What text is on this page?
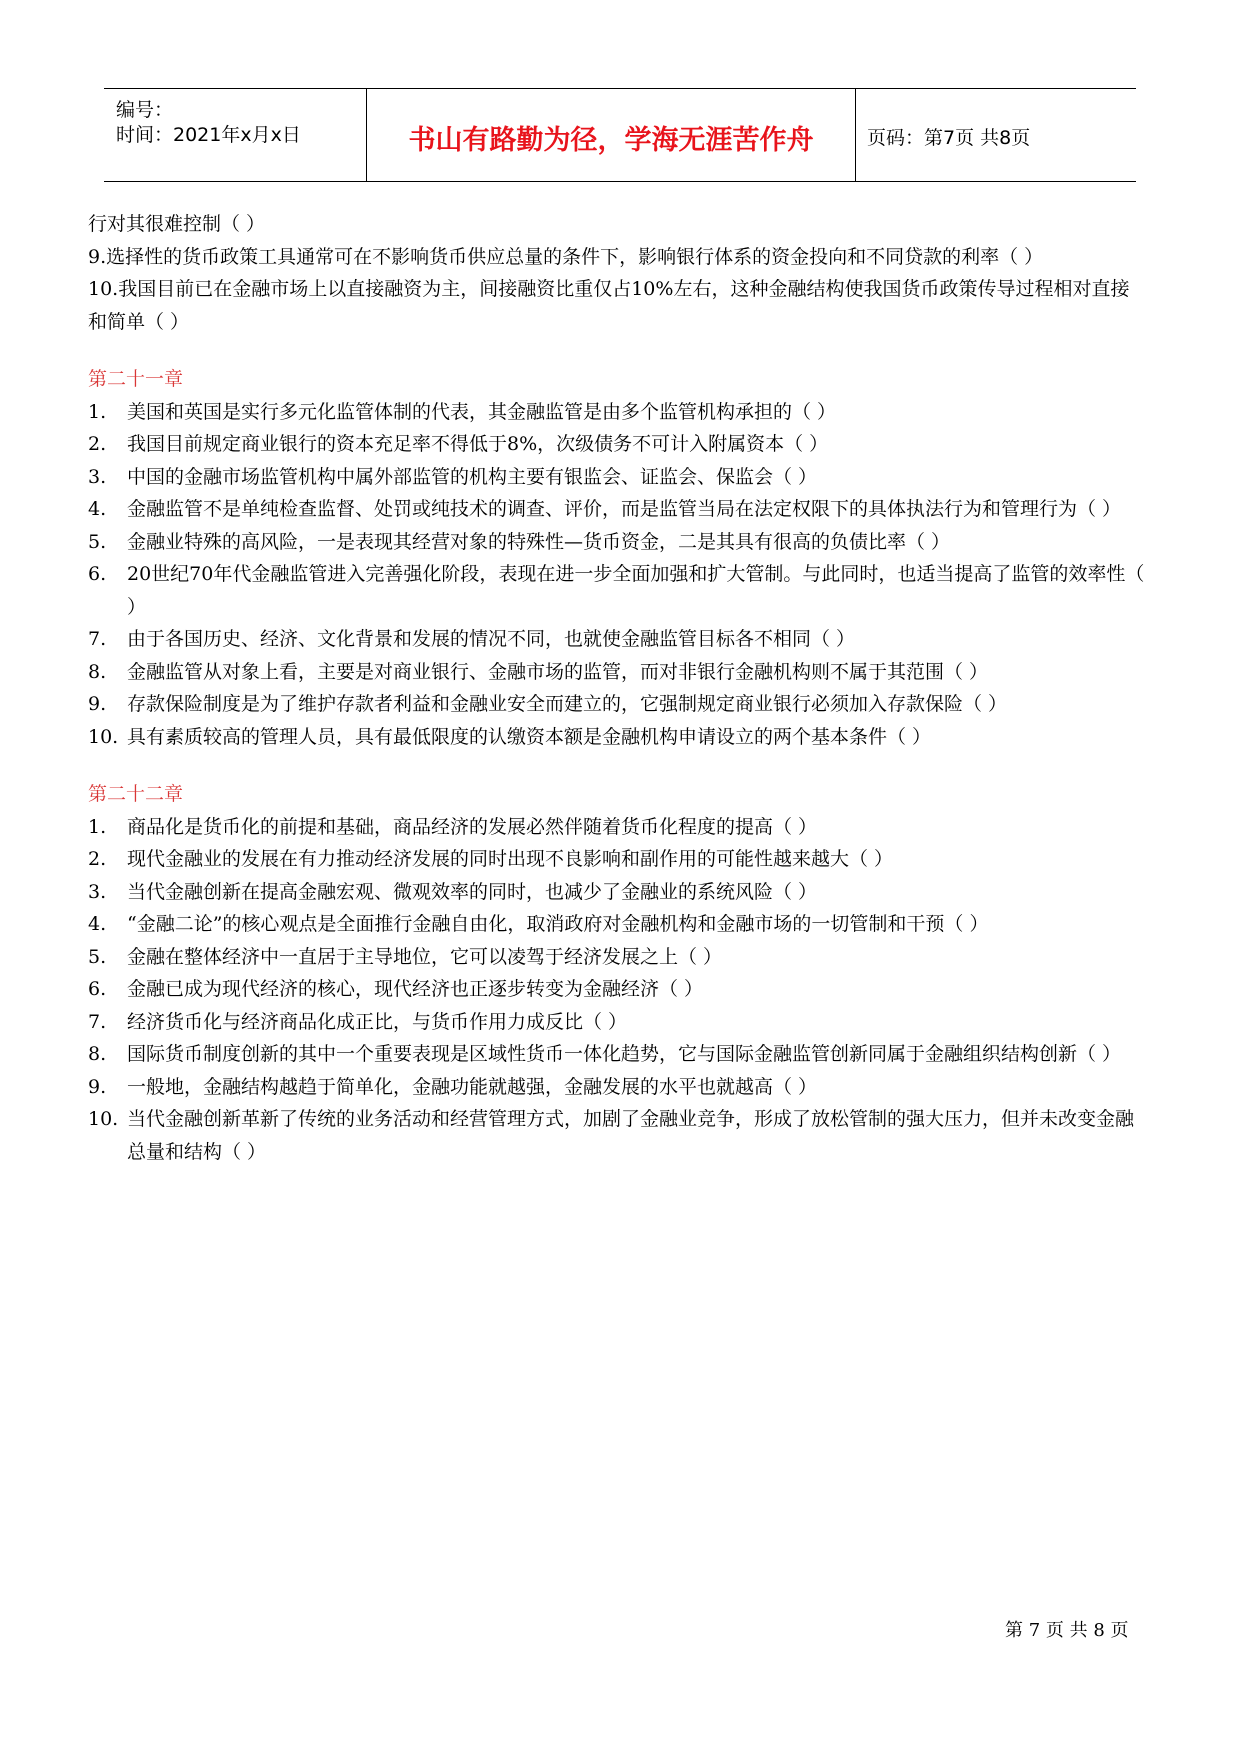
编号：
时间：2021年x月x日	书山有路勤为径，学海无涯苦作舟	页码：第7页 共8页

行对其很难控制（ ）

9.选择性的货币政策工具通常可在不影响货币供应总量的条件下，影响银行体系的资金投向和不同贷款的利率（ ）

10.我国目前已在金融市场上以直接融资为主，间接融资比重仅占10%左右，这种金融结构使我国货币政策传导过程相对直接和简单（ ）

第二十一章
1. 美国和英国是实行多元化监管体制的代表，其金融监管是由多个监管机构承担的（ ）
2. 我国目前规定商业银行的资本充足率不得低于8%，次级债务不可计入附属资本（ ）
3. 中国的金融市场监管机构中属外部监管的机构主要有银监会、证监会、保监会（ ）
4. 金融监管不是单纯检查监督、处罚或纯技术的调查、评价，而是监管当局在法定权限下的具体执法行为和管理行为（ ）
5. 金融业特殊的高风险，一是表现其经营对象的特殊性—货币资金，二是其具有很高的负债比率（ ）
6. 20世纪70年代金融监管进入完善强化阶段，表现在进一步全面加强和扩大管制。与此同时，也适当提高了监管的效率性（ ）
7. 由于各国历史、经济、文化背景和发展的情况不同，也就使金融监管目标各不相同（ ）
8. 金融监管从对象上看，主要是对商业银行、金融市场的监管，而对非银行金融机构则不属于其范围（ ）
9. 存款保险制度是为了维护存款者利益和金融业安全而建立的，它强制规定商业银行必须加入存款保险（ ）
10. 具有素质较高的管理人员，具有最低限度的认缴资本额是金融机构申请设立的两个基本条件（ ）
第二十二章
1. 商品化是货币化的前提和基础，商品经济的发展必然伴随着货币化程度的提高（ ）
2. 现代金融业的发展在有力推动经济发展的同时出现不良影响和副作用的可能性越来越大（ ）
3. 当代金融创新在提高金融宏观、微观效率的同时，也减少了金融业的系统风险（ ）
4. “金融二论”的核心观点是全面推行金融自由化，取消政府对金融机构和金融市场的一切管制和干预（ ）
5. 金融在整体经济中一直居于主导地位，它可以凌驾于经济发展之上（ ）
6. 金融已成为现代经济的核心，现代经济也正逐步转变为金融经济（ ）
7. 经济货币化与经济商品化成正比，与货币作用力成反比（ ）
8. 国际货币制度创新的其中一个重要表现是区域性货币一体化趋势，它与国际金融监管创新同属于金融组织结构创新（ ）
9. 一般地，金融结构越趋于简单化，金融功能就越强，金融发展的水平也就越高（ ）
10. 当代金融创新革新了传统的业务活动和经营管理方式，加剧了金融业竞争，形成了放松管制的强大压力，但并未改变金融总量和结构（ ）
第 7 页 共 8 页
